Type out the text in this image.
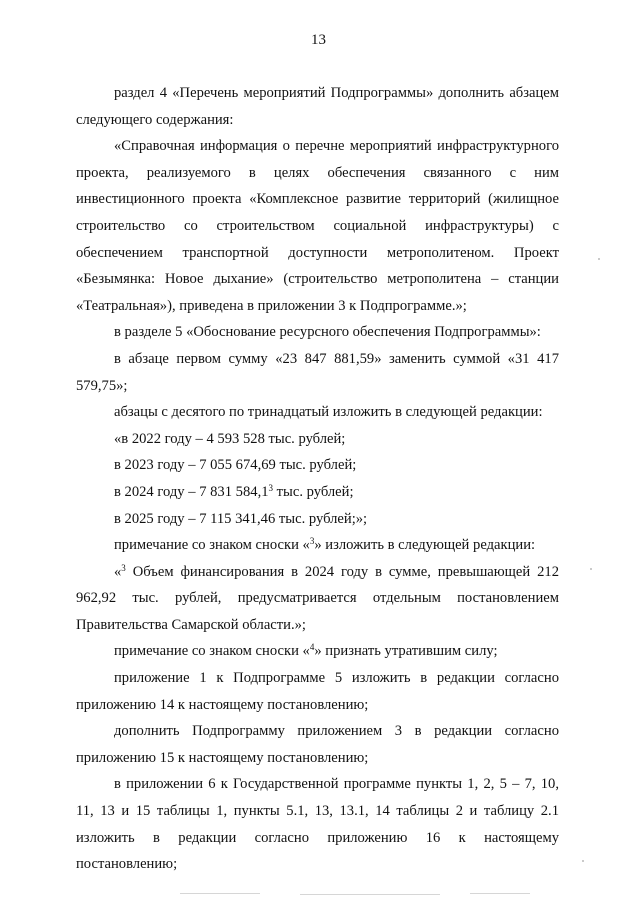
13

раздел 4 «Перечень мероприятий Подпрограммы» дополнить абзацем следующего содержания:

«Справочная информация о перечне мероприятий инфраструктурного проекта, реализуемого в целях обеспечения связанного с ним инвестиционного проекта «Комплексное развитие территорий (жилищное строительство со строительством социальной инфраструктуры) с обеспечением транспортной доступности метрополитеном. Проект «Безымянка: Новое дыхание» (строительство метрополитена – станции «Театральная»), приведена в приложении 3 к Подпрограмме.»;

в разделе 5 «Обоснование ресурсного обеспечения Подпрограммы»:

в абзаце первом сумму «23 847 881,59» заменить суммой «31 417 579,75»;

абзацы с десятого по тринадцатый изложить в следующей редакции:

«в 2022 году – 4 593 528 тыс. рублей;

в 2023 году – 7 055 674,69 тыс. рублей;

в 2024 году – 7 831 584,1$^3$ тыс. рублей;

в 2025 году – 7 115 341,46 тыс. рублей;»;

примечание со знаком сноски «$^3$» изложить в следующей редакции:

«$^3$ Объем финансирования в 2024 году в сумме, превышающей 212 962,92 тыс. рублей, предусматривается отдельным постановлением Правительства Самарской области.»;

примечание со знаком сноски «$^4$» признать утратившим силу;

приложение 1 к Подпрограмме 5 изложить в редакции согласно приложению 14 к настоящему постановлению;

дополнить Подпрограмму приложением 3 в редакции согласно приложению 15 к настоящему постановлению;

в приложении 6 к Государственной программе пункты 1, 2, 5 – 7, 10, 11, 13 и 15 таблицы 1, пункты 5.1, 13, 13.1, 14 таблицы 2 и таблицу 2.1 изложить в редакции согласно приложению 16 к настоящему постановлению;
